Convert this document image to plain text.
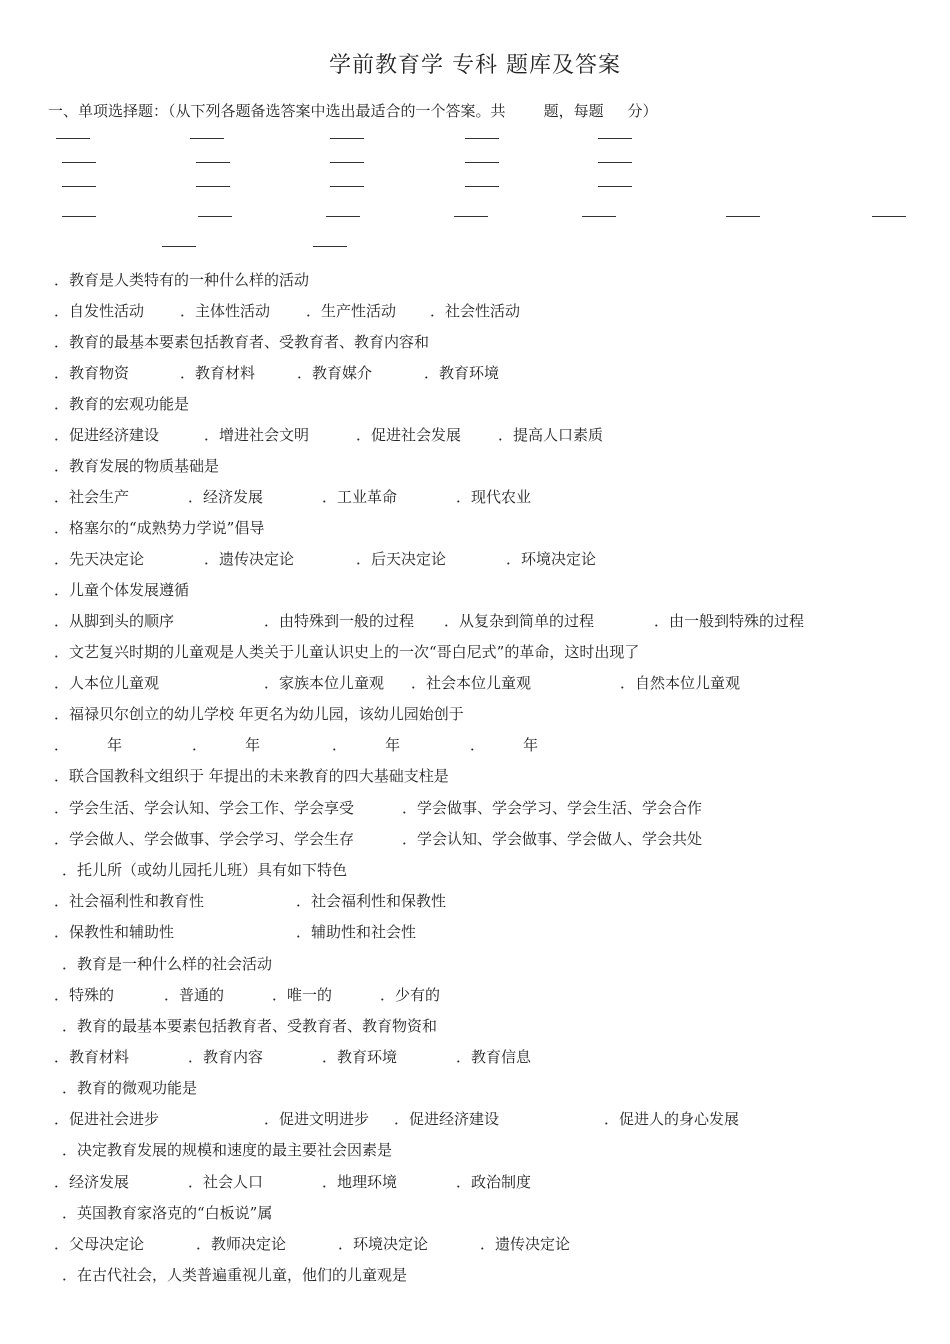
学前教育学 专科 题库及答案
一、单项选择题：（从下列各题备选答案中选出最适合的一个答案。共        题，每题     分）
．教育是人类特有的一种什么样的活动
．自发性活动 ．主体性活动 ．生产性活动 ．社会性活动
．教育的最基本要素包括教育者、受教育者、教育内容和
．教育物资	．教育材料	．教育媒介	．教育环境
．教育的宏观功能是
．促进经济建设	．增进社会文明	．促进社会发展 ．提高人口素质
．教育发展的物质基础是
．社会生产	．经济发展	．工业革命	．现代农业
．格塞尔的“成熟势力学说”倡导
．先天决定论	．遗传决定论	．后天决定论	．环境决定论
．儿童个体发展遵循
．从脚到头的顺序	．由特殊到一般的过程 ．从复杂到简单的过程	．由一般到特殊的过程
．文艺复兴时期的儿童观是人类关于儿童认识史上的一次“哥白尼式”的革命，这时出现了
．人本位儿童观	．家族本位儿童观 ．社会本位儿童观	．自然本位儿童观
．福禄贝尔创立的幼儿学校 年更名为幼儿园，该幼儿园始创于
．        年	．        年	．        年	．        年
．联合国教科文组织于 年提出的未来教育的四大基础支柱是
．学会生活、学会认知、学会工作、学会享受	．学会做事、学会学习、学会生活、学会合作
．学会做人、学会做事、学会学习、学会生存	．学会认知、学会做事、学会做人、学会共处
．托儿所（或幼儿园托儿班）具有如下特色
．社会福利性和教育性	．社会福利性和保教性
．保教性和辅助性	．辅助性和社会性
．教育是一种什么样的社会活动
．特殊的	．普通的	．唯一的	．少有的
．教育的最基本要素包括教育者、受教育者、教育物资和
．教育材料	．教育内容	．教育环境	．教育信息
．教育的微观功能是
．促进社会进步	．促进文明进步 ．促进经济建设	．促进人的身心发展
．决定教育发展的规模和速度的最主要社会因素是
．经济发展	．社会人口	．地理环境	．政治制度
．英国教育家洛克的“白板说”属
．父母决定论	．教师决定论	．环境决定论	．遗传决定论
．在古代社会，人类普遍重视儿童，他们的儿童观是
